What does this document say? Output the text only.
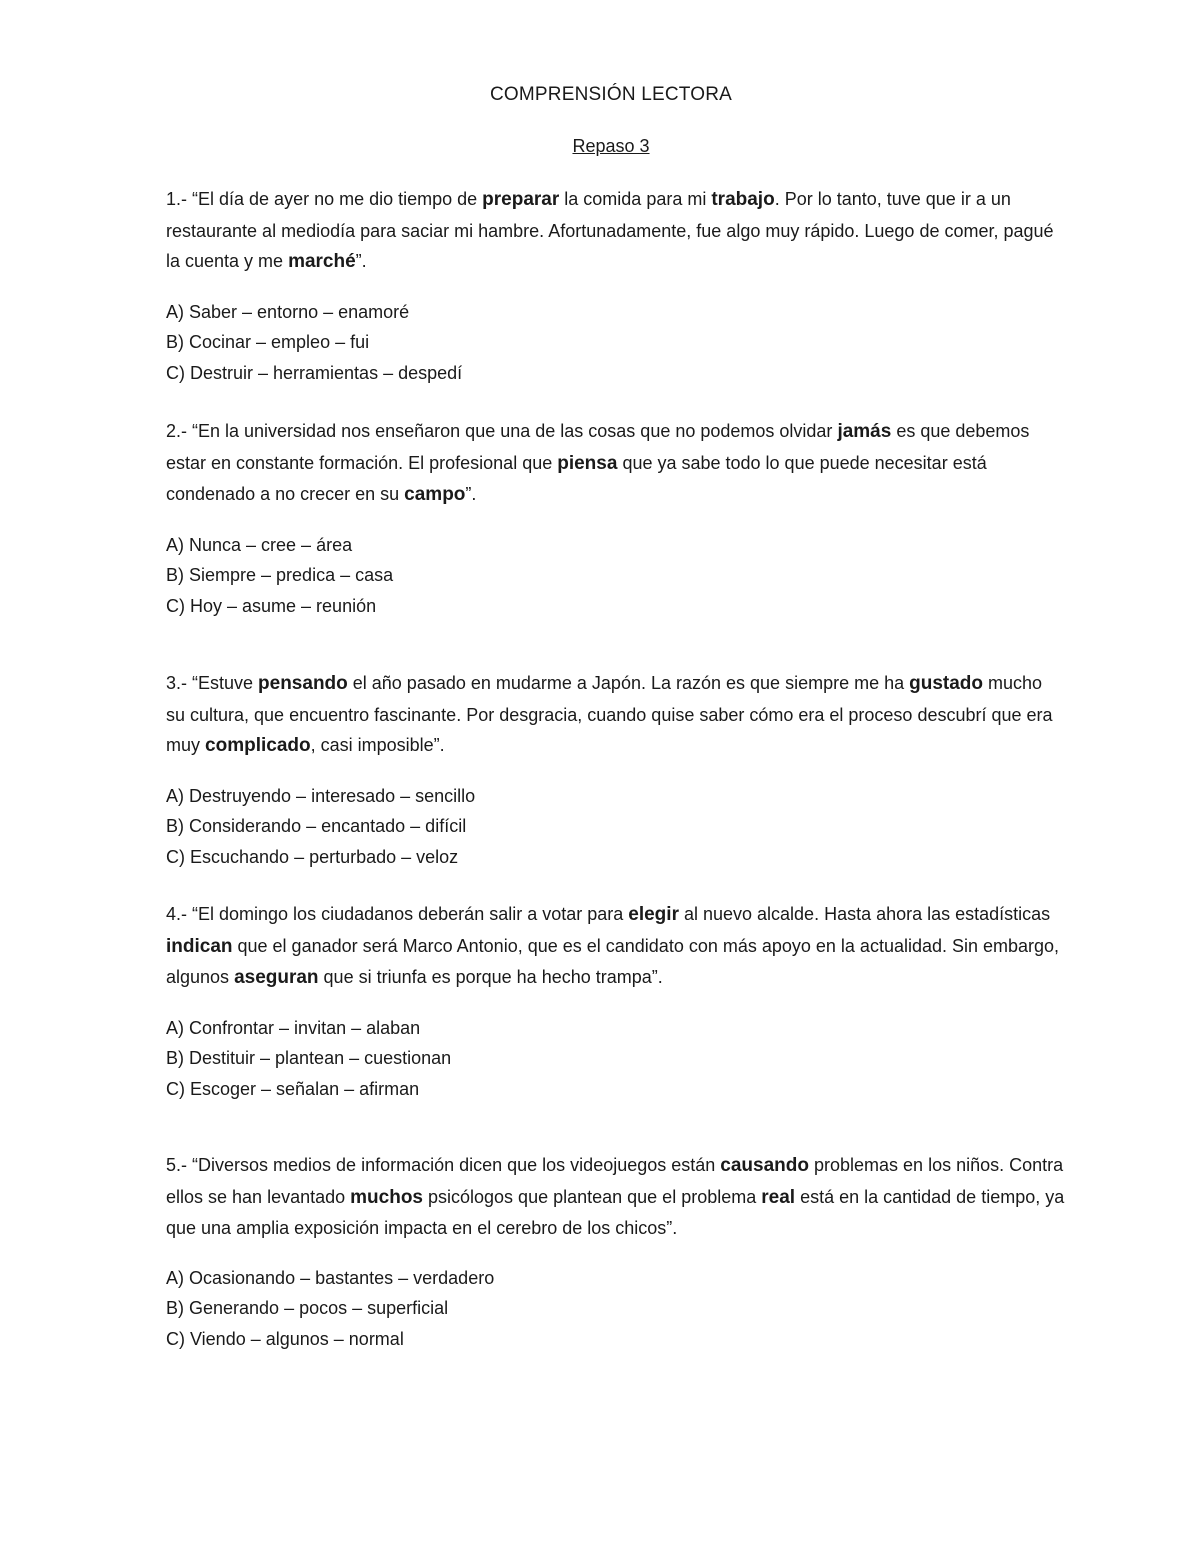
COMPRENSIÓN LECTORA
Repaso 3

1.- “El día de ayer no me dio tiempo de preparar la comida para mi trabajo. Por lo tanto, tuve que ir a un restaurante al mediodía para saciar mi hambre. Afortunadamente, fue algo muy rápido. Luego de comer, pagué la cuenta y me marché”.

A) Saber – entorno – enamoré
B) Cocinar – empleo – fui
C) Destruir – herramientas – despedí

2.- “En la universidad nos enseñaron que una de las cosas que no podemos olvidar jamás es que debemos estar en constante formación. El profesional que piensa que ya sabe todo lo que puede necesitar está condenado a no crecer en su campo”.

A) Nunca – cree – área
B) Siempre – predica – casa
C) Hoy – asume – reunión

3.- “Estuve pensando el año pasado en mudarme a Japón. La razón es que siempre me ha gustado mucho su cultura, que encuentro fascinante. Por desgracia, cuando quise saber cómo era el proceso descubrí que era muy complicado, casi imposible”.

A) Destruyendo – interesado – sencillo
B) Considerando – encantado – difícil
C) Escuchando – perturbado – veloz

4.- “El domingo los ciudadanos deberán salir a votar para elegir al nuevo alcalde. Hasta ahora las estadísticas indican que el ganador será Marco Antonio, que es el candidato con más apoyo en la actualidad. Sin embargo, algunos aseguran que si triunfa es porque ha hecho trampa”.

A) Confrontar – invitan – alaban
B) Destituir – plantean – cuestionan
C) Escoger – señalan – afirman

5.- “Diversos medios de información dicen que los videojuegos están causando problemas en los niños. Contra ellos se han levantado muchos psicólogos que plantean que el problema real está en la cantidad de tiempo, ya que una amplia exposición impacta en el cerebro de los chicos”.

A) Ocasionando – bastantes – verdadero
B) Generando – pocos – superficial
C) Viendo – algunos – normal
